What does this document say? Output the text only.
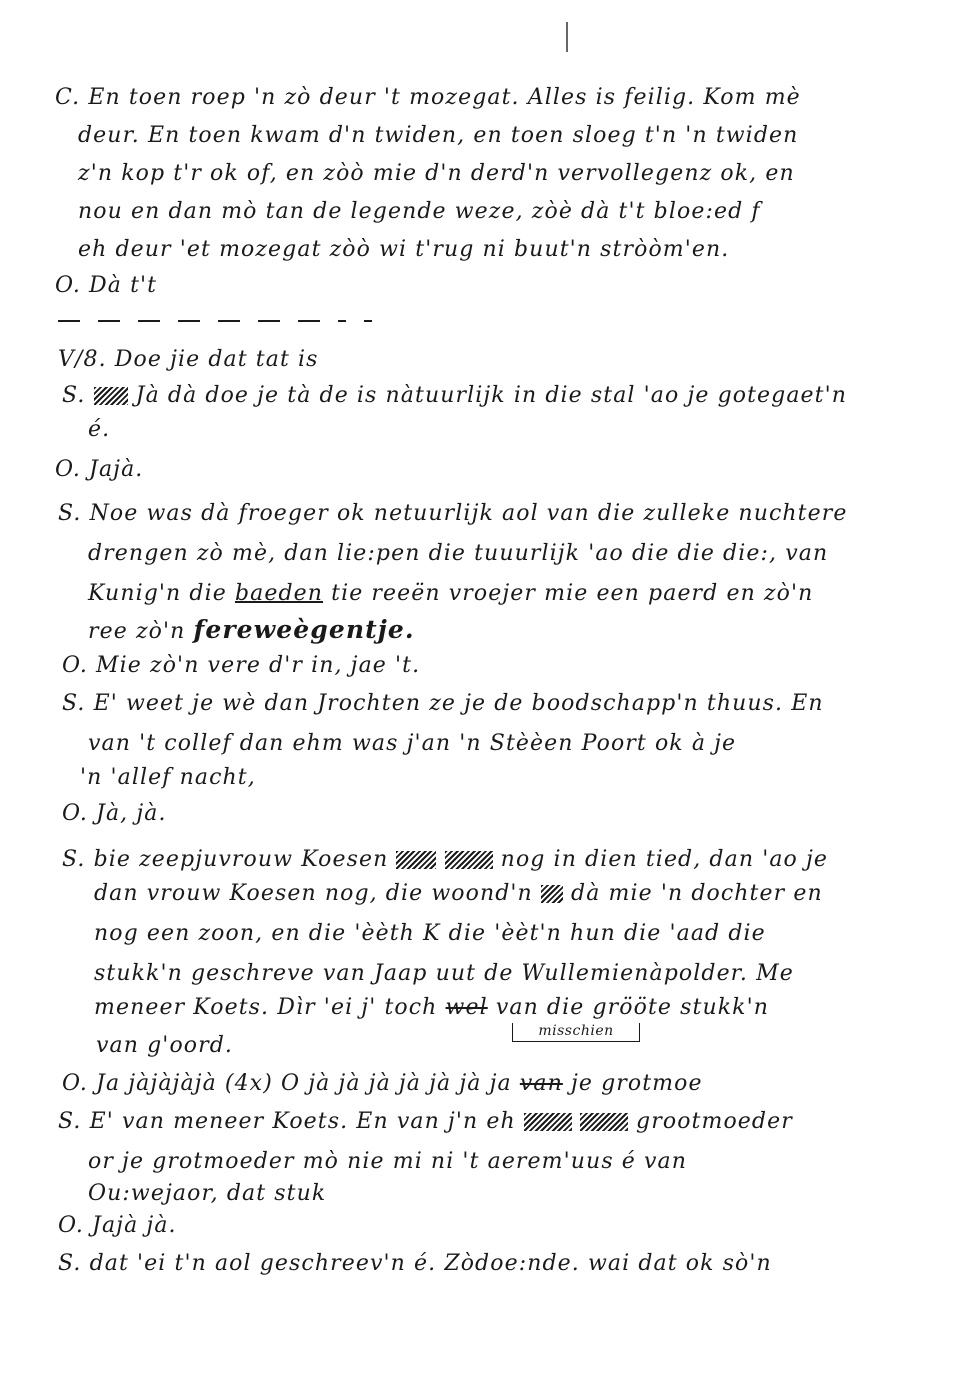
C. En toen roep 'n zò deur 't mozegat. Alles is feilig. Kom mè
deur. En toen kwam d'n twiden, en toen sloeg t'n 'n twiden
z'n kop t'r ok of, en zòò mie d'n derd'n vervollegenz ok, en
nou en dan mò tan de legende weze, zòè dà t't bloe:ed f
eh deur 'et mozegat zòò wi t'rug ni buut'n stròòm'en.
O. Dà t't
V/8. Doe jie dat tat is
S. Jà dà doe je tà de is nàtuurlijk in die stal 'ao je gotegaet'n
é.
O. Jajà.
S. Noe was dà froeger ok netuurlijk aol van die zulleke nuchtere
drengen zò mè, dan lie:pen die tuuurlijk 'ao die die die:, van
Kunig'n die baeden tie reeën vroejer mie een paerd en zò'n
ree zò'n fereweègentje.
O. Mie zò'n vere d'r in, jae 't.
S. E' weet je wè dan Jrochten ze je de boodschapp'n thuus. En
van 't collef dan ehm was j'an 'n Stèèen Poort ok à je
'n 'allef nacht,
O. Jà, jà.
S. bie zeepjuvrouw Koesen	nog in dien tied, dan 'ao je
dan vrouw Koesen nog, die woond'n dà mie 'n dochter en
nog een zoon, en die 'èèth K die 'èèt'n hun die 'aad die
stukk'n geschreve van Jaap uut de Wullemienàpolder. Me
meneer Koets. Dìr 'ei j' toch wel van die grööte stukk'n
misschien
van g'oord.
O. Ja jàjàjàjà (4x) O jà jà jà jà jà jà ja van je grotmoe
S. E' van meneer Koets. En van j'n eh	grootmoeder
or je grotmoeder mò nie mi ni 't aerem'uus é van
Ou:wejaor, dat stuk
O. Jajà jà.
S. dat 'ei t'n aol geschreev'n é. Zòdoe:nde. wai dat ok sò'n
